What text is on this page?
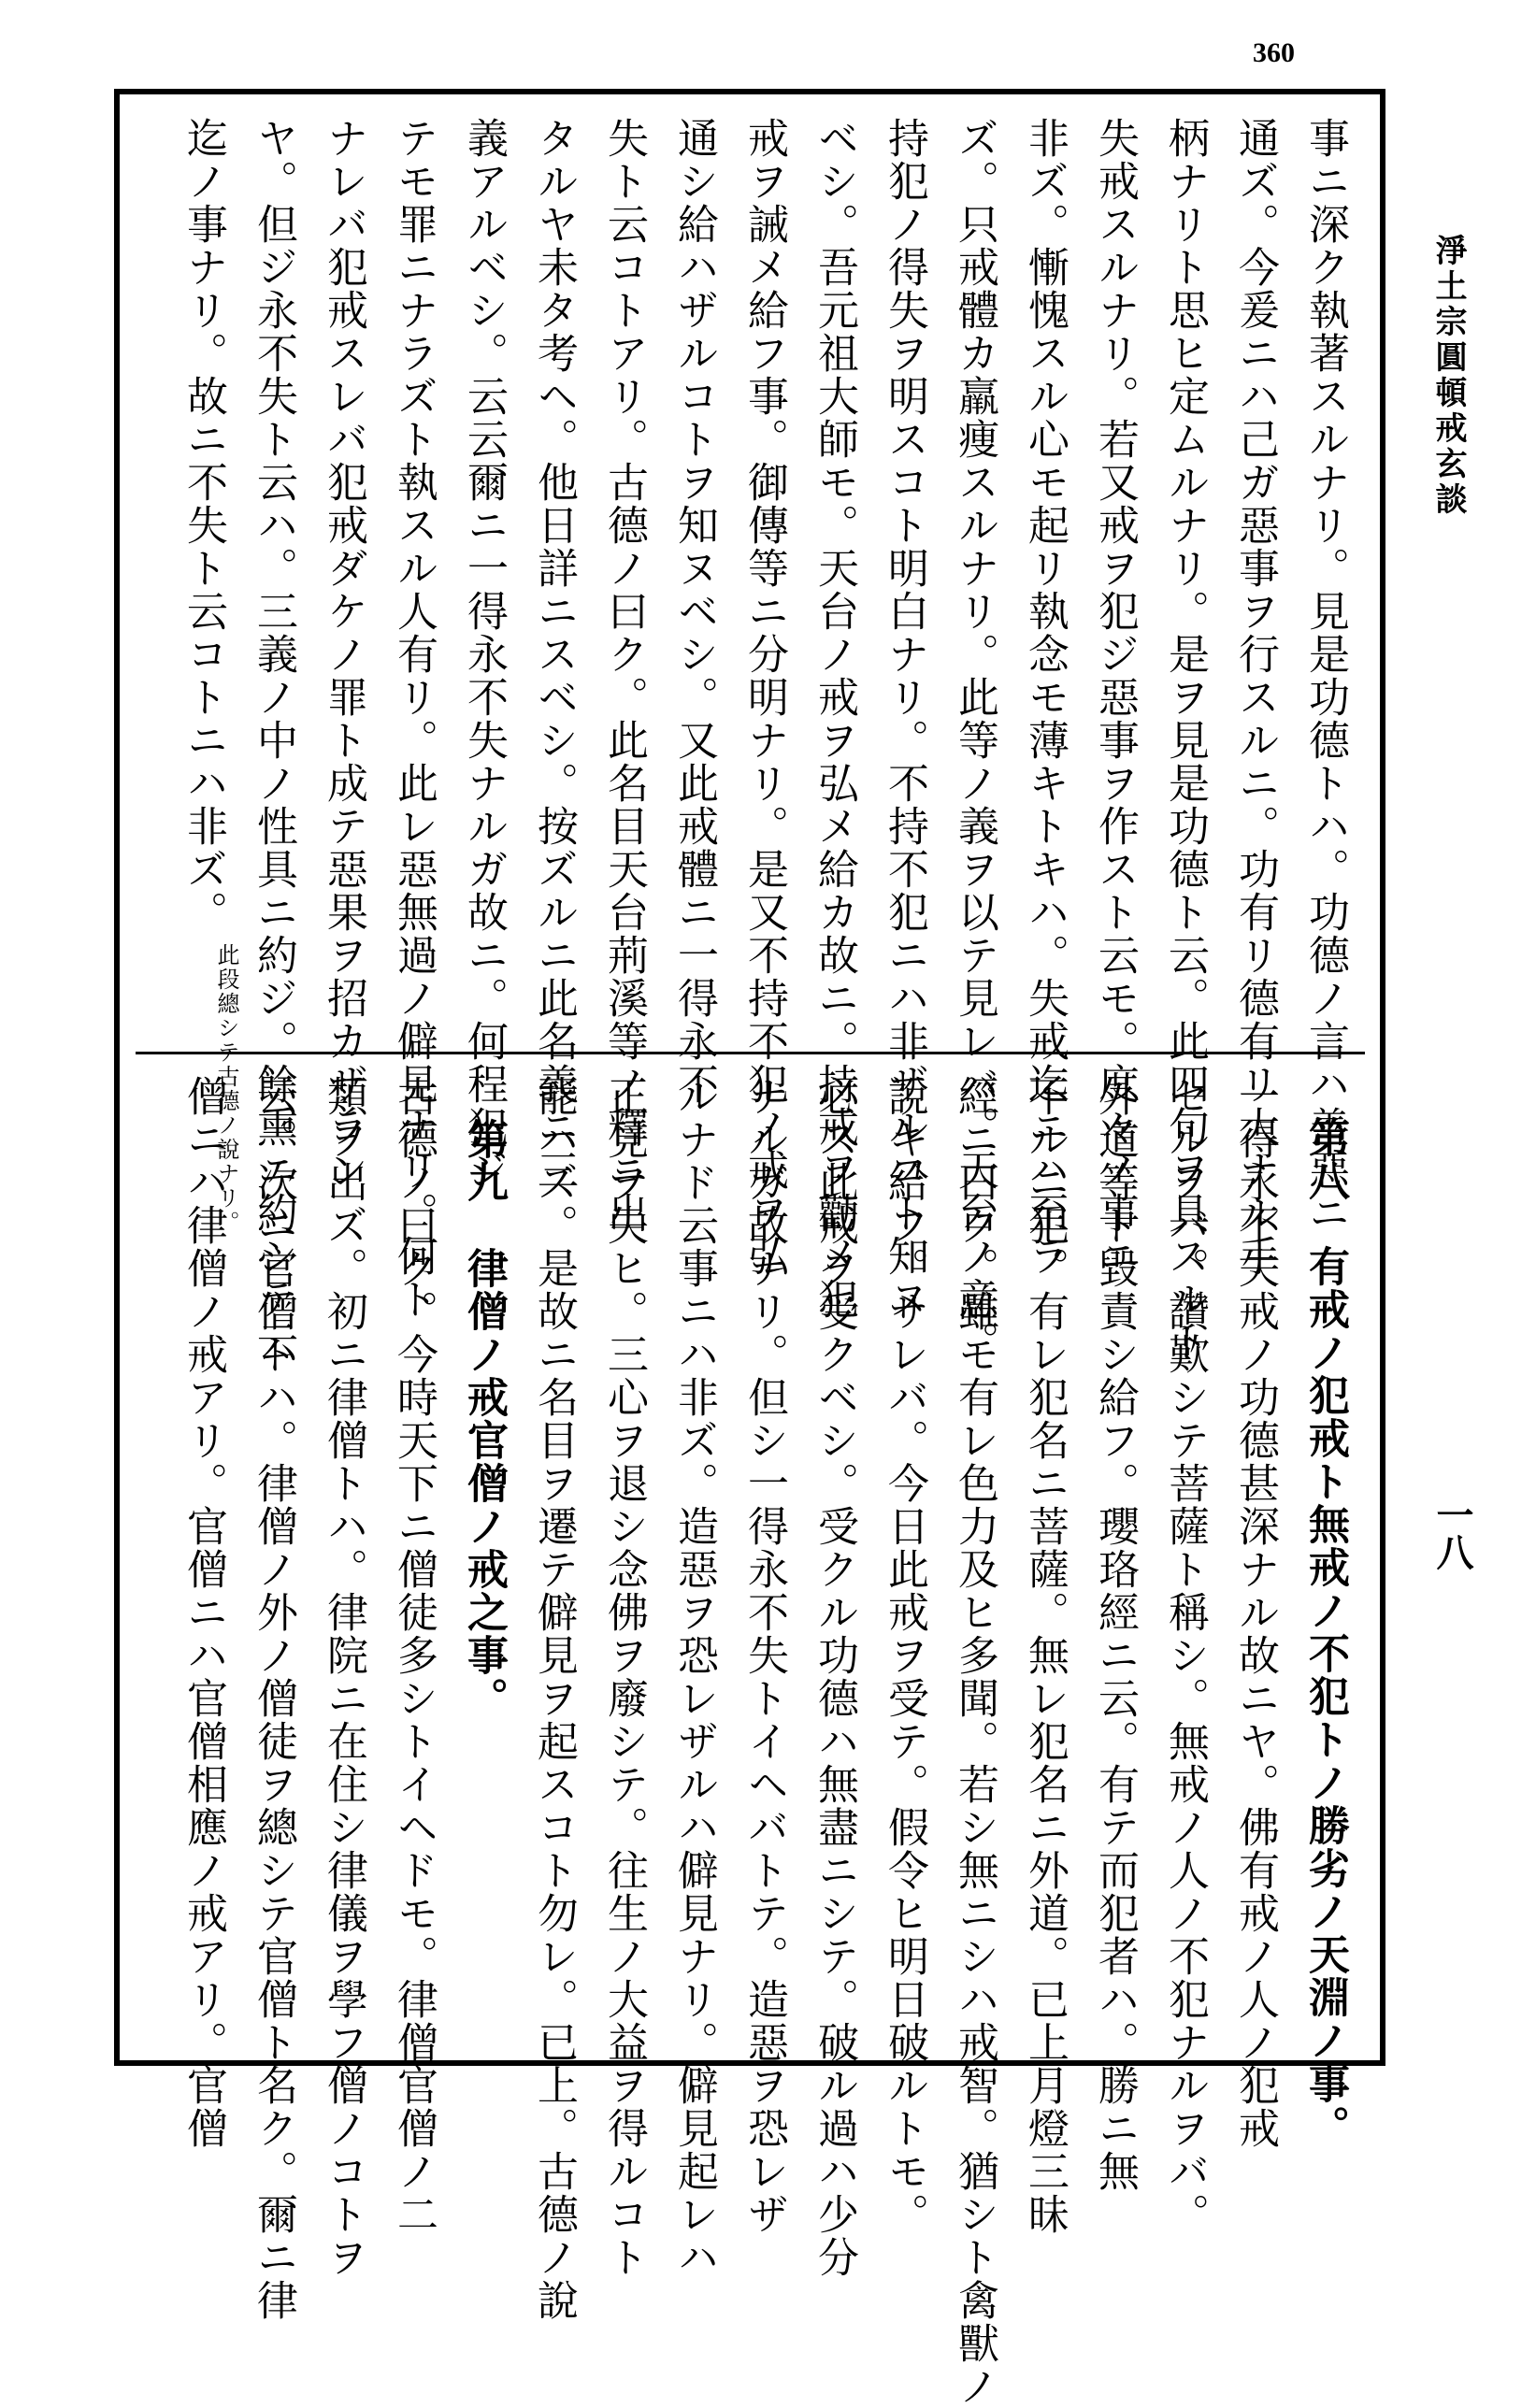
360
淨土宗圓頓戒玄談
一八
事ニ深ク執著スルナリ。見是功德トハ。功德ノ言ハ善惡ニ
通ズ。今爰ニハ己ガ惡事ヲ行スルニ。功有リ德有リ大ナル手
柄ナリト思ヒ定ムルナリ。是ヲ見是功德ト云。此四句ヲ具スルト
失戒スルナリ。若又戒ヲ犯ジ惡事ヲ作スト云モ。度々ノ事ニ
非ズ。慚愧スル心モ起リ執念モ薄キトキハ。失戒迄ニハ至ラ
ズ。只戒體カ羸痩スルナリ。此等ノ義ヲ以テ見レバ。天台ノ意。
持犯ノ得失ヲ明スコト明白ナリ。不持不犯ニハ非ザルコト知ヌ
ベシ。吾元祖大師モ。天台ノ戒ヲ弘メ給カ故ニ。持戒ヲ勸メ犯
戒ヲ誡メ給フ事。御傳等ニ分明ナリ。是又不持不犯ノ戒ヲ弘
通シ給ハザルコトヲ知ヌベシ。又此戒體ニ一得永不
失ト云コトアリ。古德ノ曰ク。此名目天台荊溪等ノ釋ニ出
タルヤ未タ考ヘ。他日詳ニスベシ。按ズルニ此名義ニ三
義アルベシ。云云爾ニ一得永不失ナルガ故ニ。何程犯ジ
テモ罪ニナラズト執スル人有リ。此レ惡無過ノ僻見ナリ。何ト
ナレバ犯戒スレバ犯戒ダケノ罪ト成テ惡果ヲ招カザラン
ヤ。但ジ永不失ト云ハ。三義ノ中ノ性具ニ約ジ。餘熏ニ約シテ云
迄ノ事ナリ。故ニ不失ト云コトニハ非ズ。此段總シテ古德ノ說ナリ。
第八　有戒ノ犯戒ト無戒ノ不犯トノ勝劣ノ天淵ノ事。
一得永不失戒ノ功德甚深ナル故ニヤ。佛有戒ノ人ノ犯戒
セルヲバ。讚歎シテ菩薩ト稱シ。無戒ノ人ノ不犯ナルヲバ。
外道等ト毀責シ給フ。瓔珞經ニ云。有テ而犯者ハ。勝ニ無
不ルニ犯。有レ犯名ニ菩薩。無レ犯名ニ外道。已上月燈三昧
經ニ曰ク。雖モ有レ色力及ヒ多聞。若シ無ニシハ戒智。猶シト禽獸ノ
說キ給フ。サレバ。今日此戒ヲ受テ。假令ヒ明日破ルトモ。
必ス此戒ヲ受クベシ。受クル功德ハ無盡ニシテ。破ル過ハ少分
ナルガ故ナリ。但シ一得永不失トイヘバトテ。造惡ヲ恐レザ
ルナド云事ニハ非ズ。造惡ヲ恐レザルハ僻見ナリ。僻見起レハ
正見ヲ失ヒ。三心ヲ退シ念佛ヲ廢シテ。往生ノ大益ヲ得ルコト
能ハズ。是故ニ名目ヲ遷テ僻見ヲ起スコト勿レ。已上。古德ノ說
　第九　律僧ノ戒官僧ノ戒之事。
古德ノ曰ク。今時天下ニ僧徒多シトイヘドモ。律僧官僧ノ二
類ヲ出ズ。初ニ律僧トハ。律院ニ在住シ律儀ヲ學フ僧ノコトヲ
云。次ニ官僧トハ。律僧ノ外ノ僧徒ヲ總シテ官僧ト名ク。爾ニ律
僧ニハ律僧ノ戒アリ。官僧ニハ官僧相應ノ戒アリ。官僧
